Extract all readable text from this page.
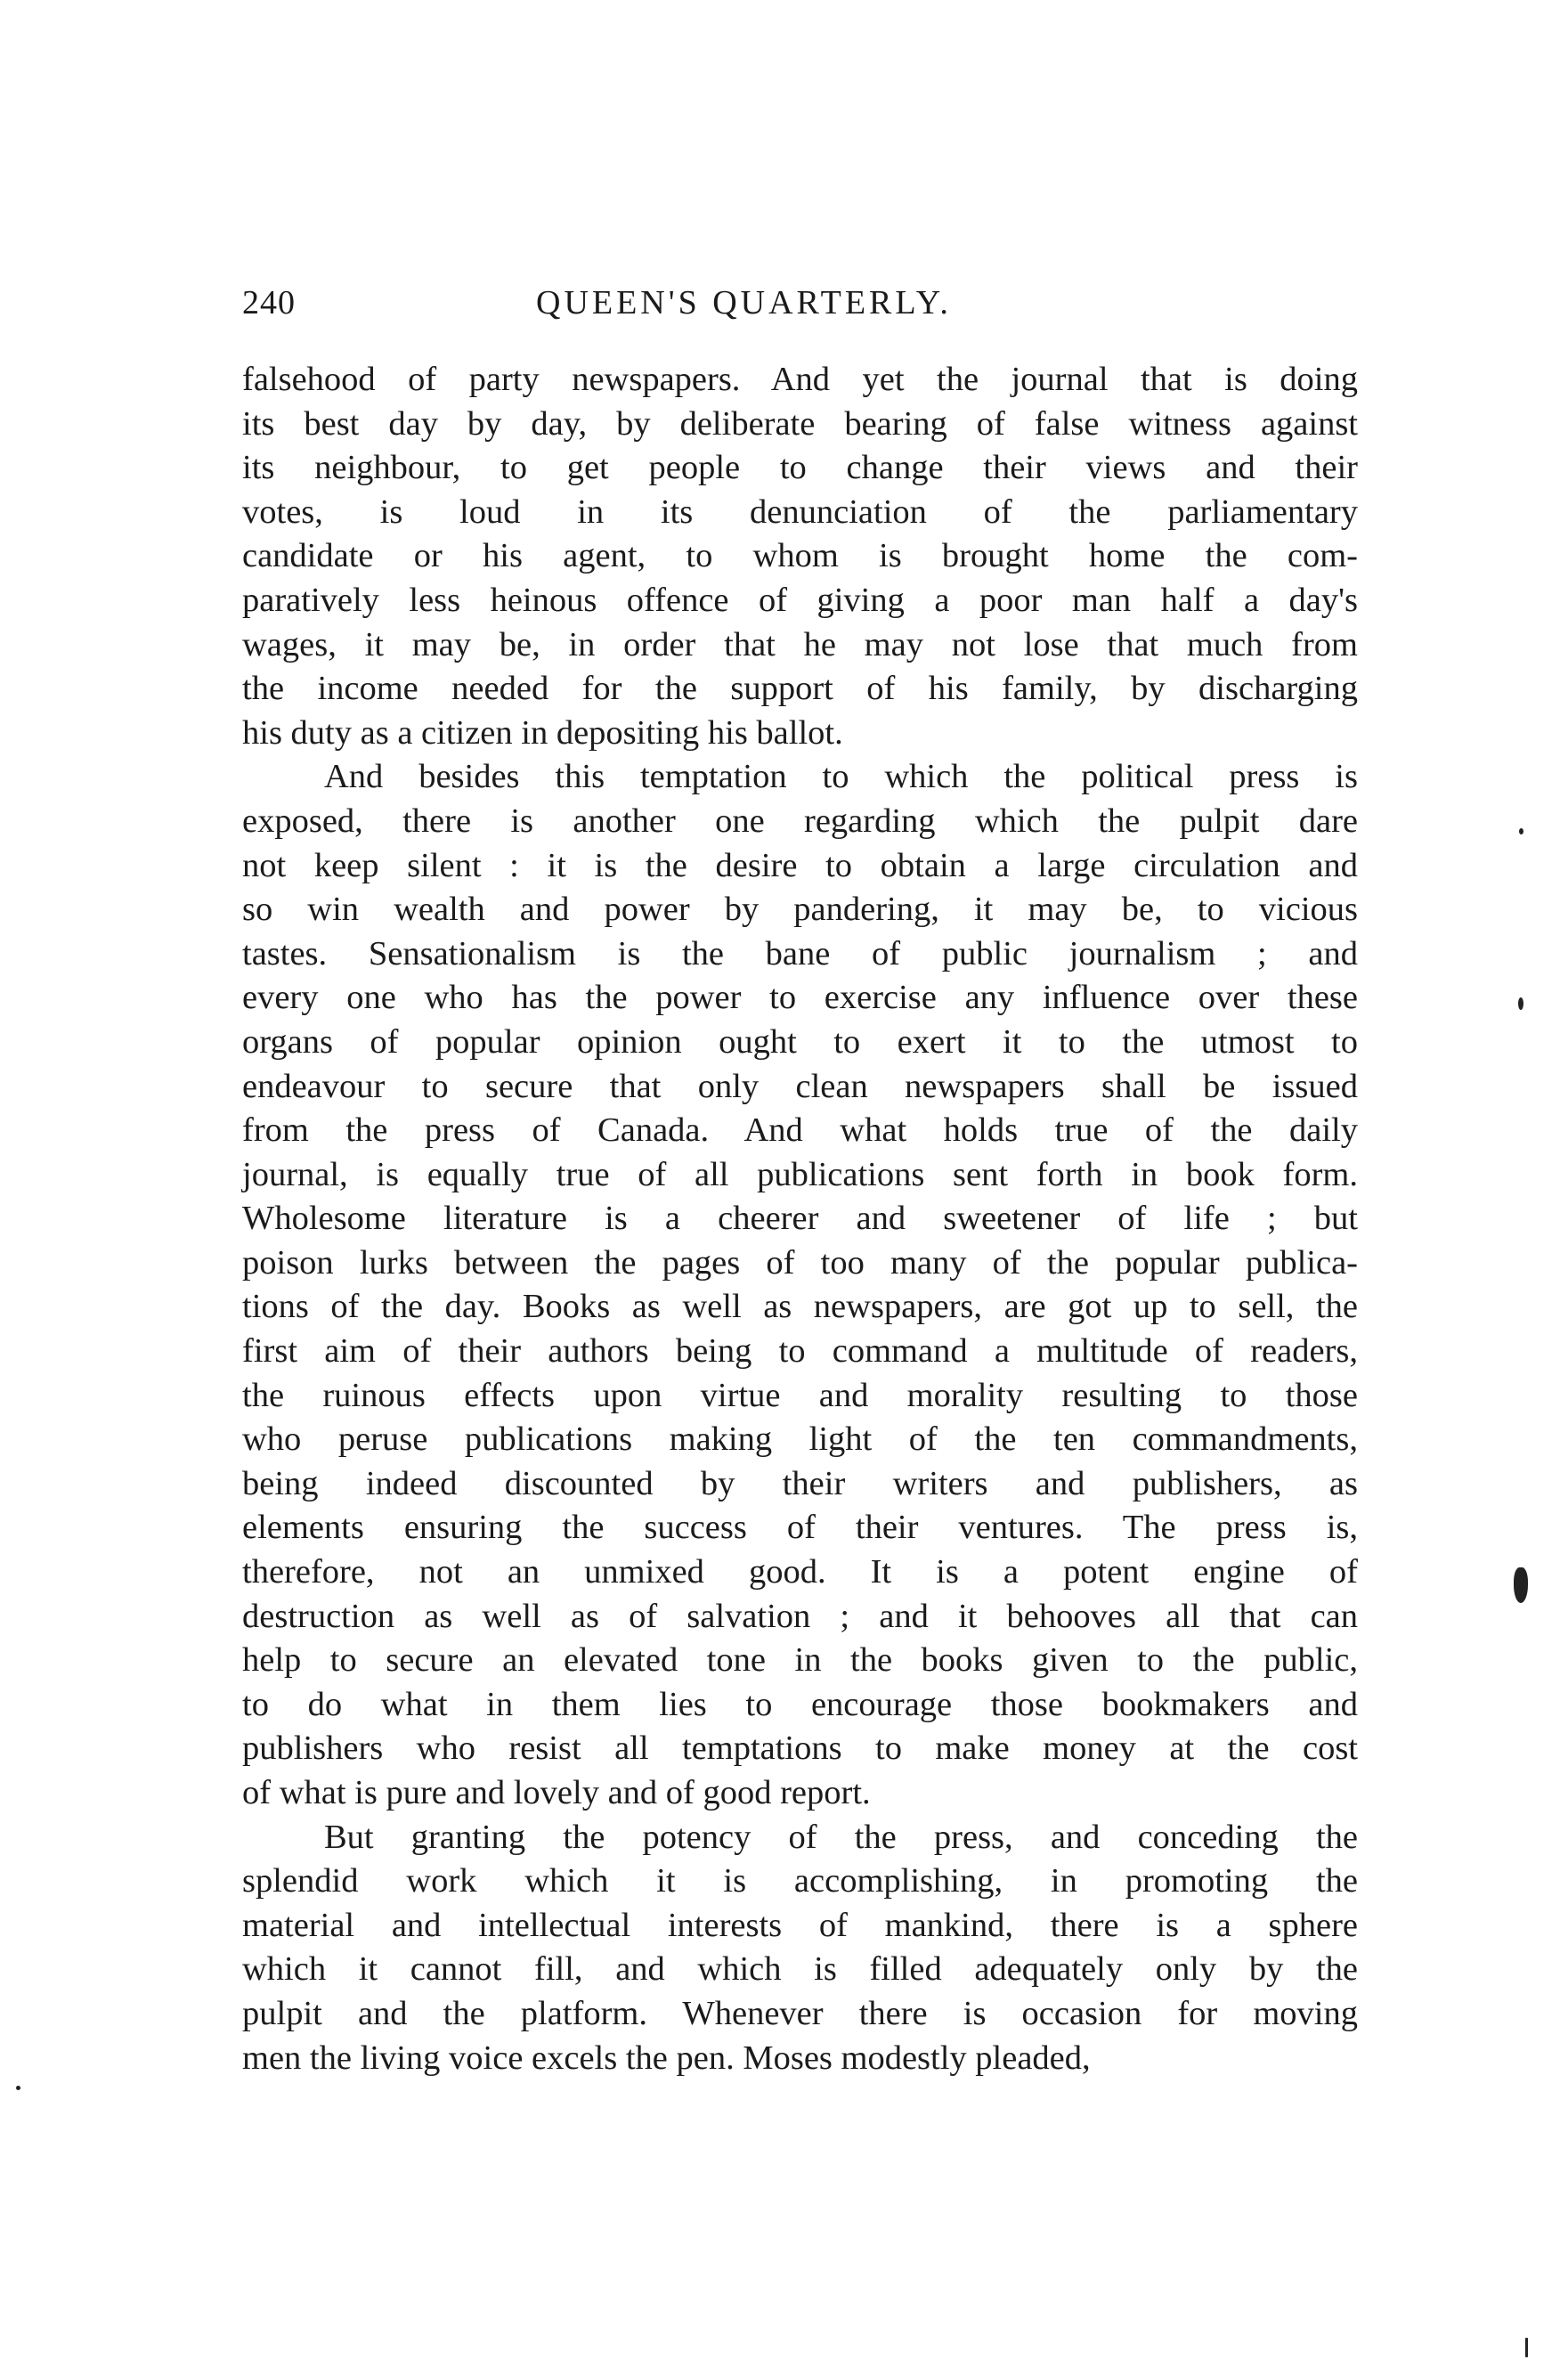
240	QUEEN'S QUARTERLY.

falsehood of party newspapers. And yet the journal that is doing
its best day by day, by deliberate bearing of false witness against
its neighbour, to get people to change their views and their
votes, is loud in its denunciation of the parliamentary
candidate or his agent, to whom is brought home the com-
paratively less heinous offence of giving a poor man half a day's
wages, it may be, in order that he may not lose that much from
the income needed for the support of his family, by discharging
his duty as a citizen in depositing his ballot.

And besides this temptation to which the political press is
exposed, there is another one regarding which the pulpit dare
not keep silent : it is the desire to obtain a large circulation and
so win wealth and power by pandering, it may be, to vicious
tastes. Sensationalism is the bane of public journalism ; and
every one who has the power to exercise any influence over these
organs of popular opinion ought to exert it to the utmost to
endeavour to secure that only clean newspapers shall be issued
from the press of Canada. And what holds true of the daily
journal, is equally true of all publications sent forth in book form.
Wholesome literature is a cheerer and sweetener of life ; but
poison lurks between the pages of too many of the popular publica-
tions of the day. Books as well as newspapers, are got up to sell, the
first aim of their authors being to command a multitude of readers,
the ruinous effects upon virtue and morality resulting to those
who peruse publications making light of the ten commandments,
being indeed discounted by their writers and publishers, as
elements ensuring the success of their ventures. The press is,
therefore, not an unmixed good. It is a potent engine of
destruction as well as of salvation ; and it behooves all that can
help to secure an elevated tone in the books given to the public,
to do what in them lies to encourage those bookmakers and
publishers who resist all temptations to make money at the cost
of what is pure and lovely and of good report.

But granting the potency of the press, and conceding the
splendid work which it is accomplishing, in promoting the
material and intellectual interests of mankind, there is a sphere
which it cannot fill, and which is filled adequately only by the
pulpit and the platform. Whenever there is occasion for moving
men the living voice excels the pen. Moses modestly pleaded,
